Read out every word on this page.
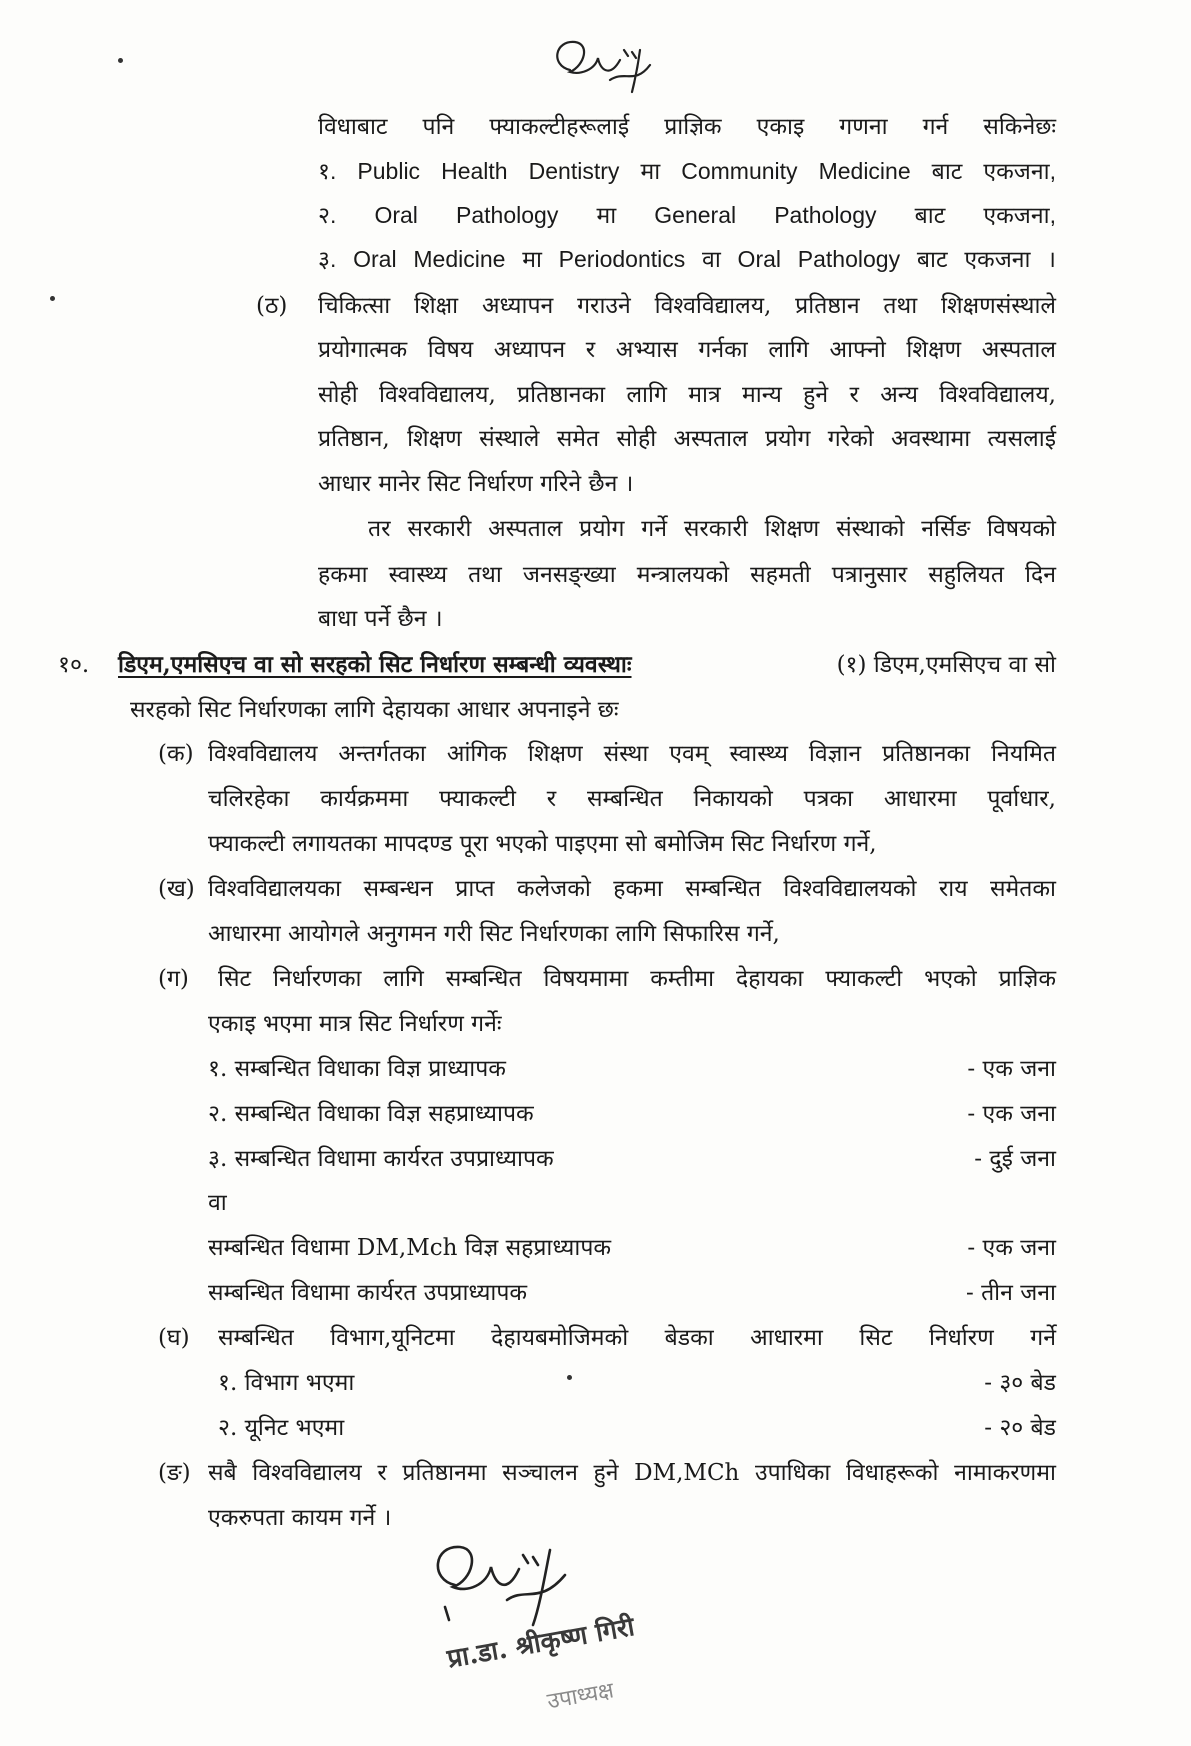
विधाबाट पनि फ्याकल्टीहरूलाई प्राज्ञिक एकाइ गणना गर्न सकिनेछः
१. Public Health Dentistry मा Community Medicine बाट एकजना,
२. Oral Pathology मा General Pathology बाट एकजना,
३. Oral Medicine मा Periodontics वा Oral Pathology बाट एकजना ।
(ठ) चिकित्सा शिक्षा अध्यापन गराउने विश्वविद्यालय, प्रतिष्ठान तथा शिक्षणसंस्थाले
प्रयोगात्मक विषय अध्यापन र अभ्यास गर्नका लागि आफ्नो शिक्षण अस्पताल
सोही विश्वविद्यालय, प्रतिष्ठानका लागि मात्र मान्य हुने र अन्य विश्वविद्यालय,
प्रतिष्ठान, शिक्षण संस्थाले समेत सोही अस्पताल प्रयोग गरेको अवस्थामा त्यसलाई
आधार मानेर सिट निर्धारण गरिने छैन ।
तर सरकारी अस्पताल प्रयोग गर्ने सरकारी शिक्षण संस्थाको नर्सिङ विषयको
हकमा स्वास्थ्य तथा जनसङ्ख्या मन्त्रालयको सहमती पत्रानुसार सहुलियत दिन
बाधा पर्ने छैन ।
१०. डिएम,एमसिएच वा सो सरहको सिट निर्धारण सम्बन्धी व्यवस्थाः	(१) डिएम,एमसिएच वा सो
सरहको सिट निर्धारणका लागि देहायका आधार अपनाइने छः
(क) विश्वविद्यालय अन्तर्गतका आंगिक शिक्षण संस्था एवम् स्वास्थ्य विज्ञान प्रतिष्ठानका नियमित
चलिरहेका कार्यक्रममा फ्याकल्टी र सम्बन्धित निकायको पत्रका आधारमा पूर्वाधार,
फ्याकल्टी लगायतका मापदण्ड पूरा भएको पाइएमा सो बमोजिम सिट निर्धारण गर्ने,
(ख) विश्वविद्यालयका सम्बन्धन प्राप्त कलेजको हकमा सम्बन्धित विश्वविद्यालयको राय समेतका
आधारमा आयोगले अनुगमन गरी सिट निर्धारणका लागि सिफारिस गर्ने,
(ग) सिट निर्धारणका लागि सम्बन्धित विषयमामा कम्तीमा देहायका फ्याकल्टी भएको प्राज्ञिक
एकाइ भएमा मात्र सिट निर्धारण गर्नेः
१. सम्बन्धित विधाका विज्ञ प्राध्यापक	- एक जना
२. सम्बन्धित विधाका विज्ञ सहप्राध्यापक	- एक जना
३. सम्बन्धित विधामा कार्यरत उपप्राध्यापक	- दुई जना
वा
सम्बन्धित विधामा DM,Mch विज्ञ सहप्राध्यापक	- एक जना
सम्बन्धित विधामा कार्यरत उपप्राध्यापक	- तीन जना
(घ) सम्बन्धित विभाग,यूनिटमा देहायबमोजिमको बेडका आधारमा सिट निर्धारण गर्ने
१. विभाग भएमा	- ३० बेड
२. यूनिट भएमा	- २० बेड
(ङ) सबै विश्वविद्यालय र प्रतिष्ठानमा सञ्चालन हुने DM,MCh उपाधिका विधाहरूको नामाकरणमा
एकरुपता कायम गर्ने ।
प्रा.डा. श्रीकृष्ण गिरी
उपाध्यक्ष
